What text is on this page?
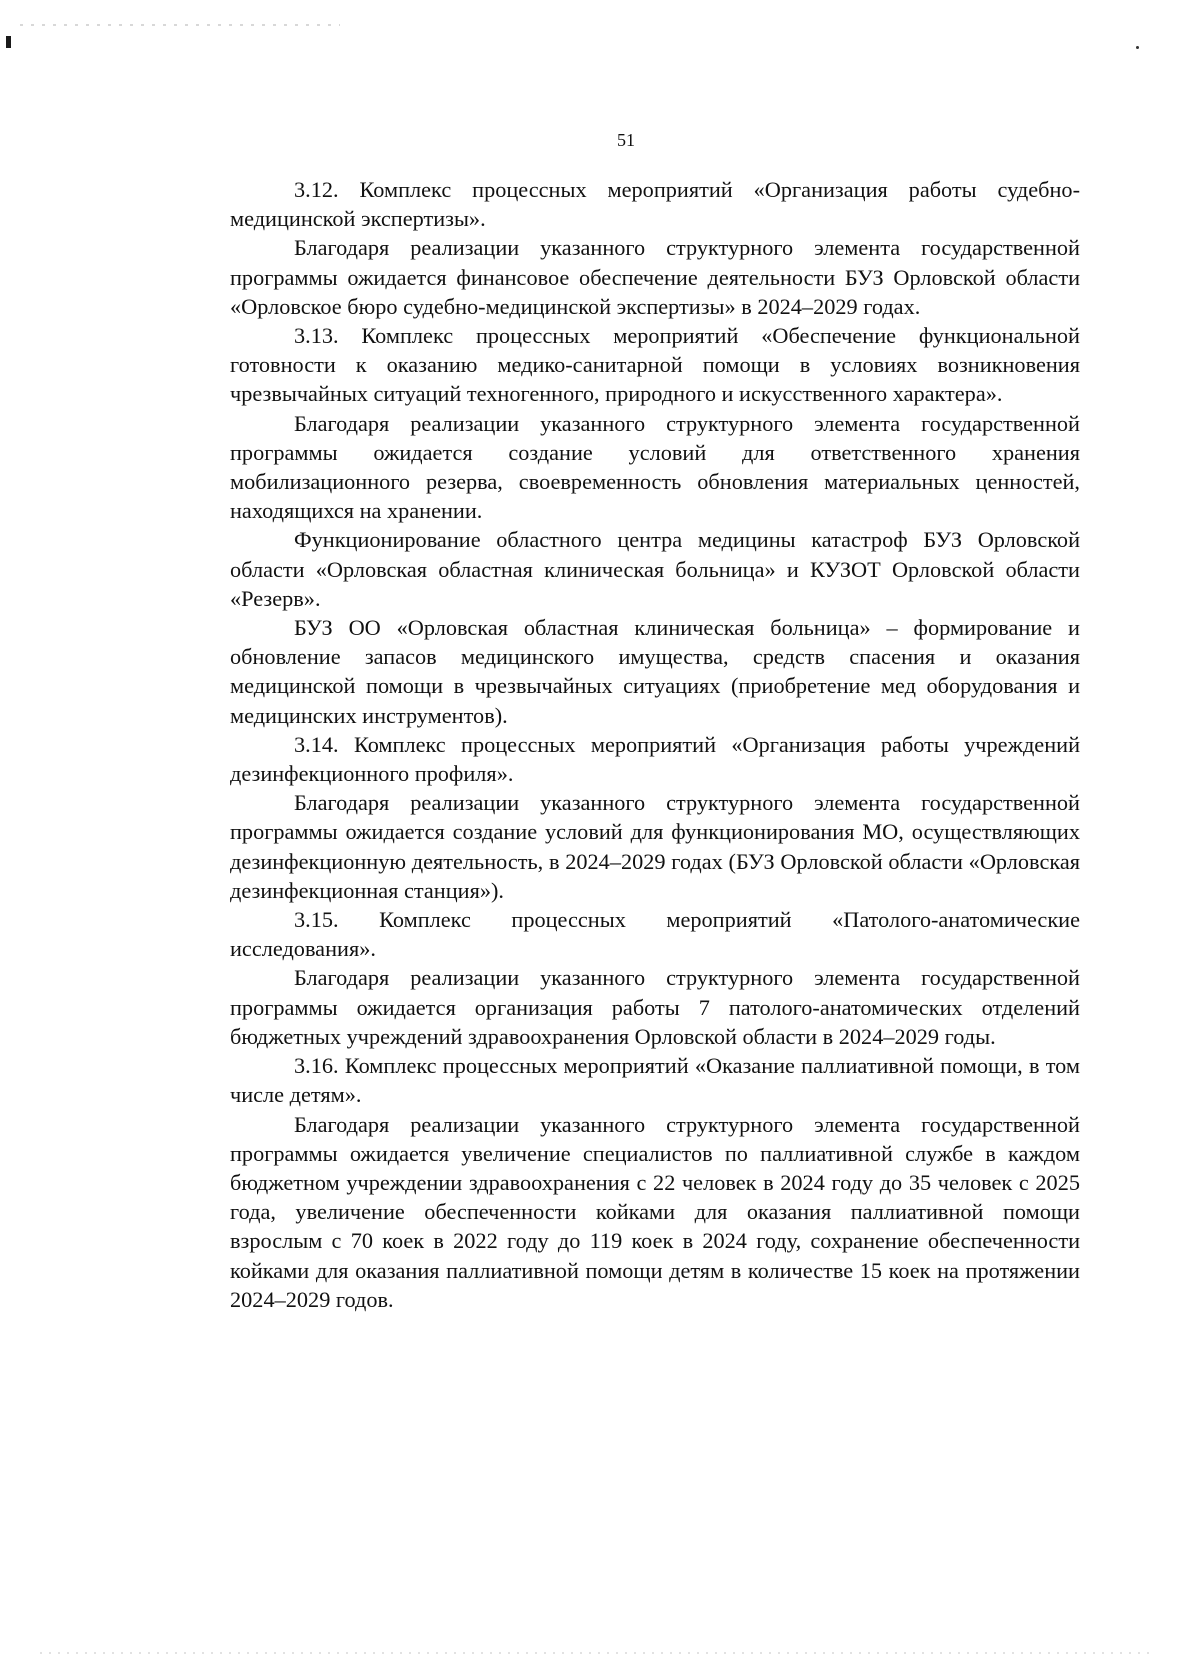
51

3.12. Комплекс процессных мероприятий «Организация работы судебно-медицинской экспертизы».

Благодаря реализации указанного структурного элемента государственной программы ожидается финансовое обеспечение деятельности БУЗ Орловской области «Орловское бюро судебно-медицинской экспертизы» в 2024–2029 годах.

3.13. Комплекс процессных мероприятий «Обеспечение функциональной готовности к оказанию медико-санитарной помощи в условиях возникновения чрезвычайных ситуаций техногенного, природного и искусственного характера».

Благодаря реализации указанного структурного элемента государственной программы ожидается создание условий для ответственного хранения мобилизационного резерва, своевременность обновления материальных ценностей, находящихся на хранении.

Функционирование областного центра медицины катастроф БУЗ Орловской области «Орловская областная клиническая больница» и КУЗОТ Орловской области «Резерв».

БУЗ ОО «Орловская областная клиническая больница» – формирование и обновление запасов медицинского имущества, средств спасения и оказания медицинской помощи в чрезвычайных ситуациях (приобретение мед оборудования и медицинских инструментов).

3.14. Комплекс процессных мероприятий «Организация работы учреждений дезинфекционного профиля».

Благодаря реализации указанного структурного элемента государственной программы ожидается создание условий для функционирования МО, осуществляющих дезинфекционную деятельность, в 2024–2029 годах (БУЗ Орловской области «Орловская дезинфекционная станция»).

3.15. Комплекс процессных мероприятий «Патолого-анатомические исследования».

Благодаря реализации указанного структурного элемента государственной программы ожидается организация работы 7 патолого-анатомических отделений бюджетных учреждений здравоохранения Орловской области в 2024–2029 годы.

3.16. Комплекс процессных мероприятий «Оказание паллиативной помощи, в том числе детям».

Благодаря реализации указанного структурного элемента государственной программы ожидается увеличение специалистов по паллиативной службе в каждом бюджетном учреждении здравоохранения с 22 человек в 2024 году до 35 человек с 2025 года, увеличение обеспеченности койками для оказания паллиативной помощи взрослым с 70 коек в 2022 году до 119 коек в 2024 году, сохранение обеспеченности койками для оказания паллиативной помощи детям в количестве 15 коек на протяжении 2024–2029 годов.
